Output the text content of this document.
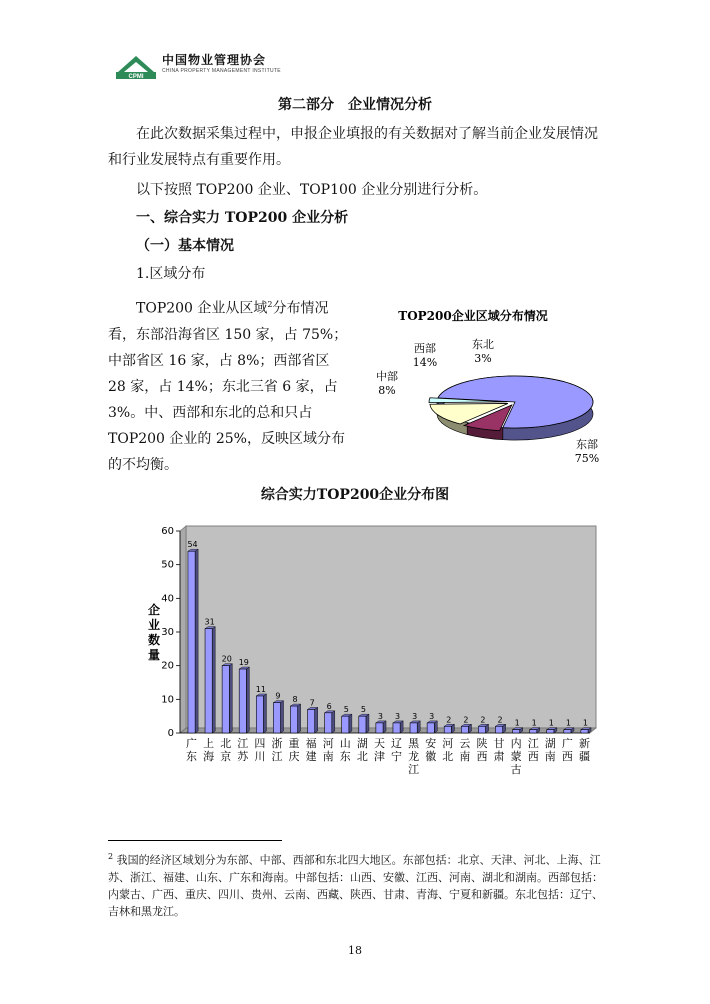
CPMI
中国物业管理协会
CHINA PROPERTY MANAGEMENT INSTITUTE
第二部分　企业情况分析
在此次数据采集过程中，申报企业填报的有关数据对了解当前企业发展情况和行业发展特点有重要作用。
以下按照 TOP200 企业、TOP100 企业分别进行分析。
一、综合实力 TOP200 企业分析
（一）基本情况
1.区域分布
TOP200 企业从区域$^2$分布情况看，东部沿海省区 150 家，占 75%；中部省区 16 家，占 8%；西部省区 28 家，占 14%；东北三省 6 家，占 3%。中、西部和东北的总和只占 TOP200 企业的 25%，反映区域分布的不均衡。
TOP200企业区域分布情况
东部
75%
中部
8%
西部
14%
东北
3%
综合实力TOP200企业分布图
0
10
20
30
40
50
60
企
业
数
量
54
广
东
31
上
海
20
北
京
19
江
苏
11
四
川
9
浙
江
8
重
庆
7
福
建
6
河
南
5
山
东
5
湖
北
3
天
津
3
辽
宁
3
黑
龙
江
3
安
徽
2
河
北
2
云
南
2
陕
西
2
甘
肃
1
内
蒙
古
1
江
西
1
湖
南
1
广
西
1
新
疆
$^2$ 我国的经济区域划分为东部、中部、西部和东北四大地区。东部包括：北京、天津、河北、上海、江苏、浙江、福建、山东、广东和海南。中部包括：山西、安徽、江西、河南、湖北和湖南。西部包括：内蒙古、广西、重庆、四川、贵州、云南、西藏、陕西、甘肃、青海、宁夏和新疆。东北包括：辽宁、吉林和黑龙江。
18
